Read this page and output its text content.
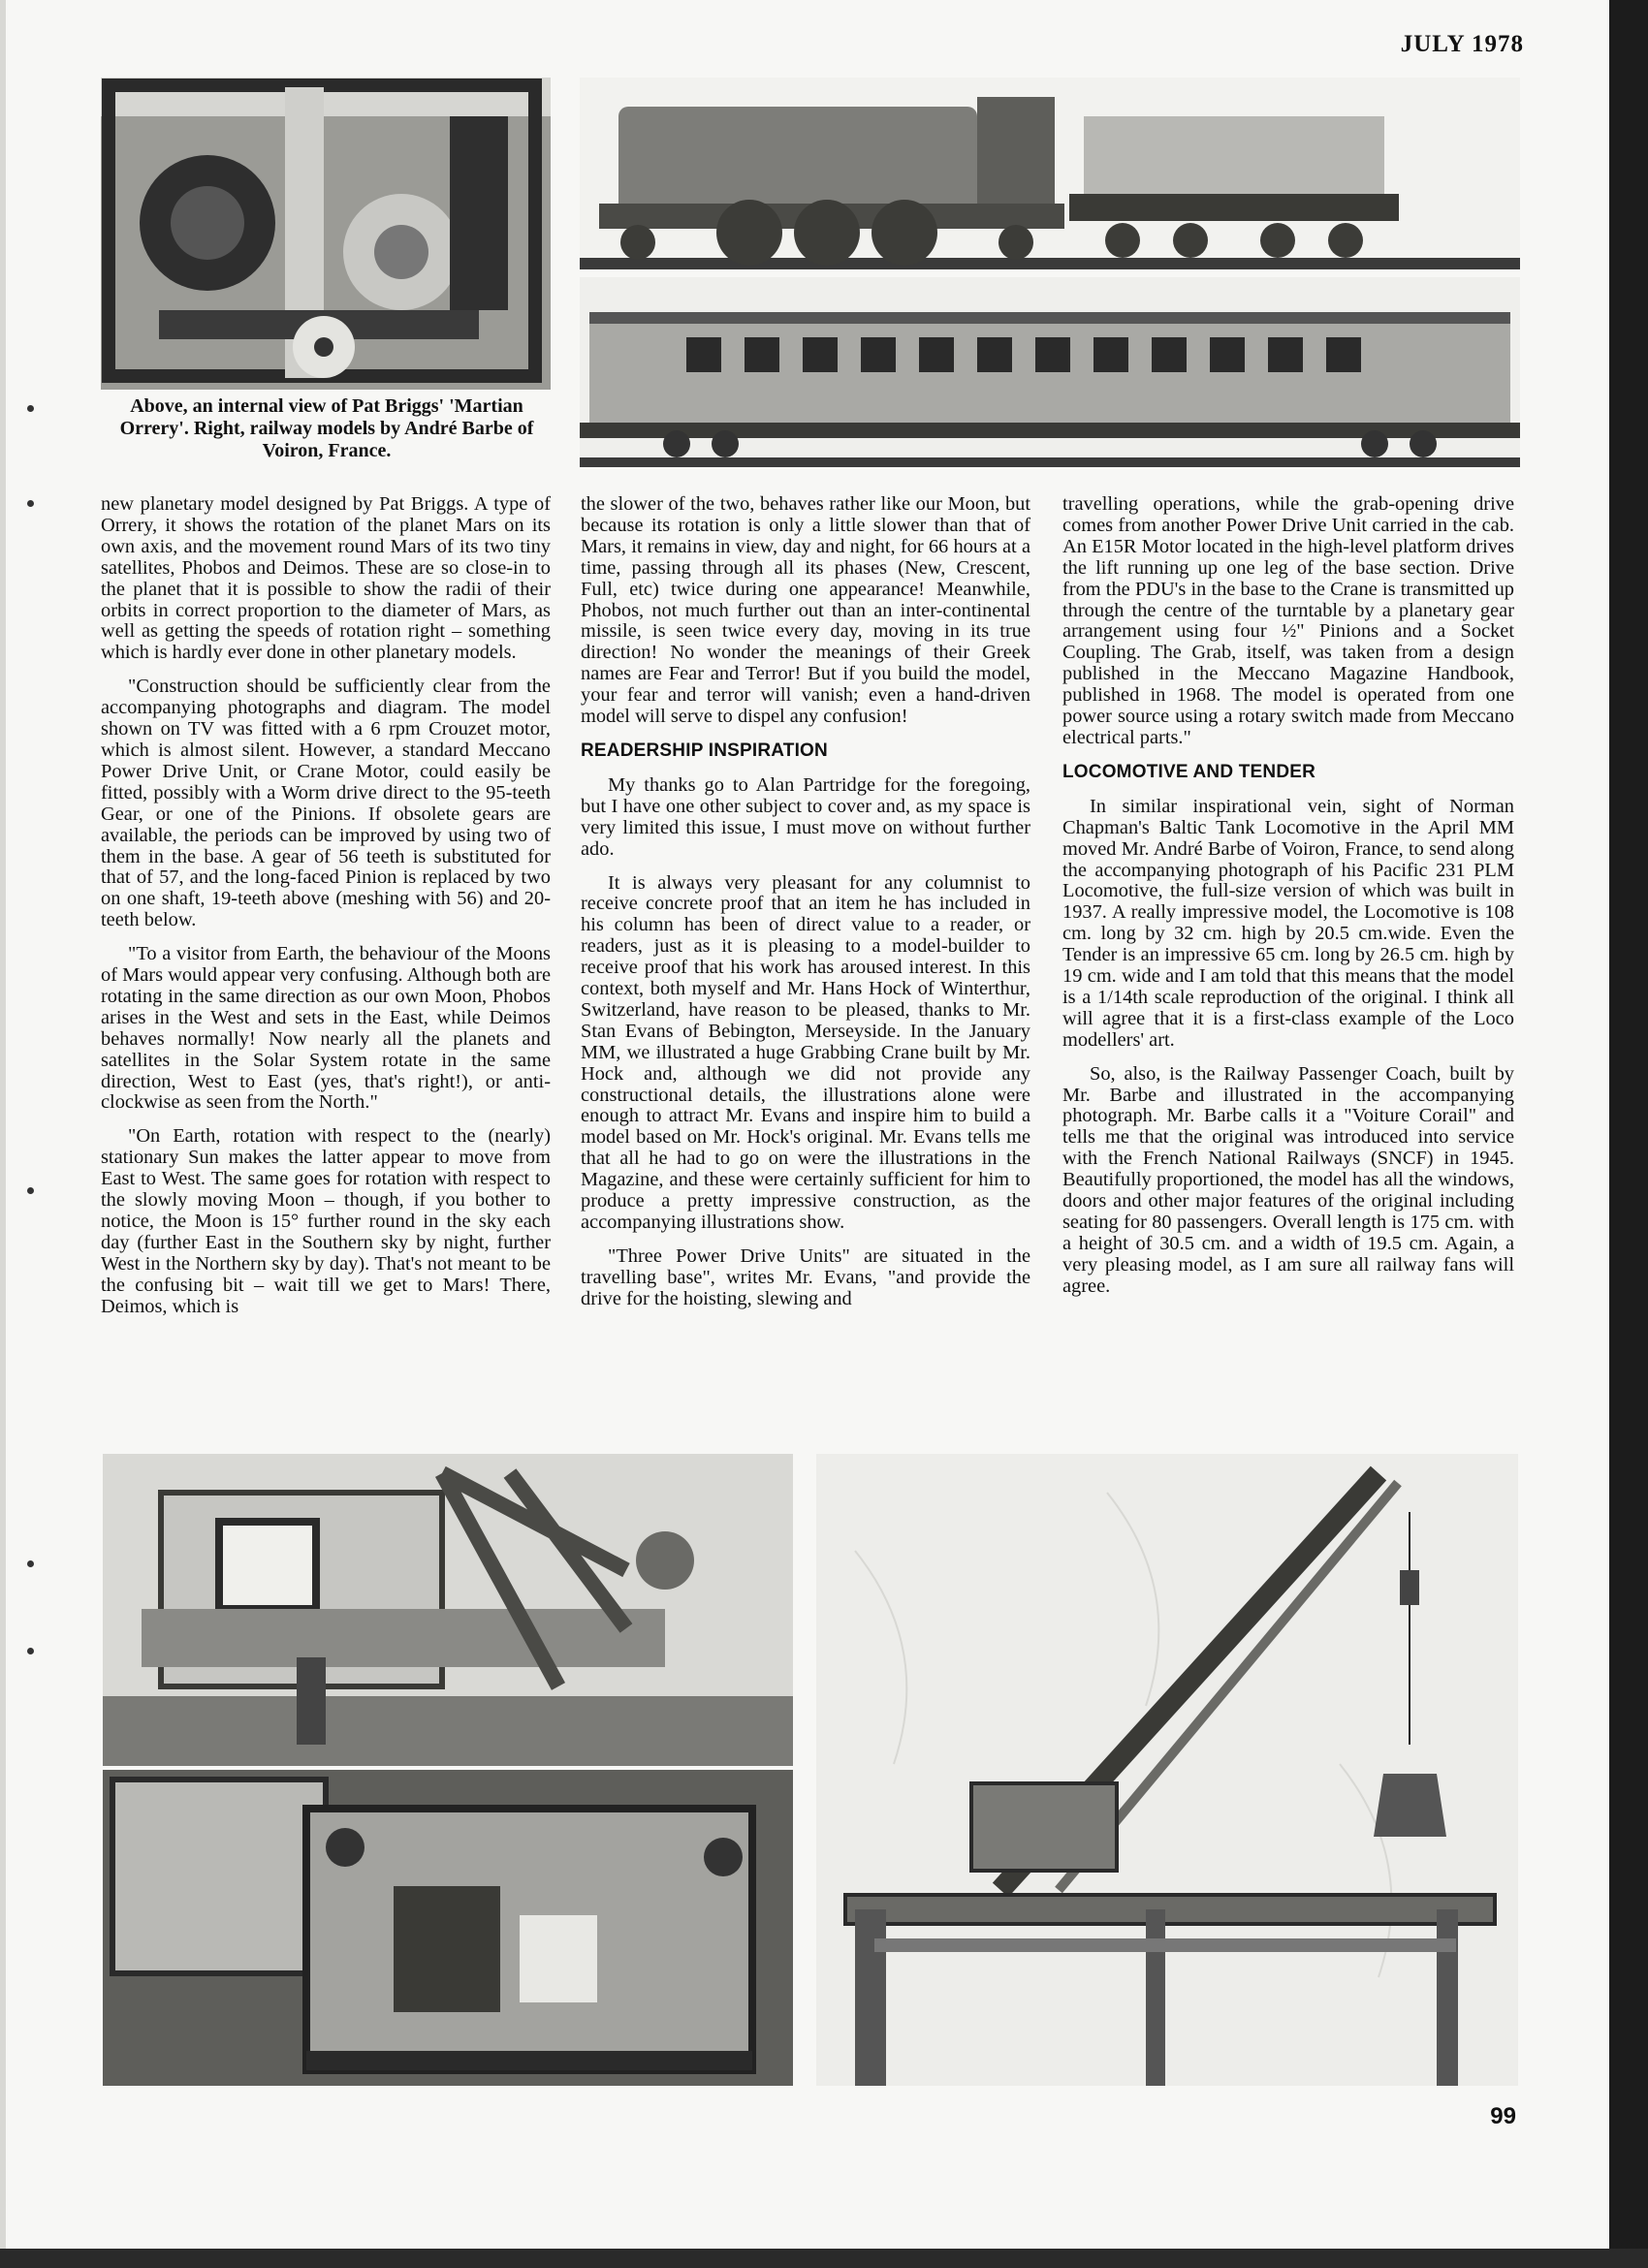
JULY 1978
Above, an internal view of Pat Briggs' 'Martian Orrery'. Right, railway models by André Barbe of Voiron, France.

new planetary model designed by Pat Briggs. A type of Orrery, it shows the rotation of the planet Mars on its own axis, and the movement round Mars of its two tiny satellites, Phobos and Deimos. These are so close-in to the planet that it is possible to show the radii of their orbits in correct proportion to the diameter of Mars, as well as getting the speeds of rotation right – something which is hardly ever done in other planetary models.

"Construction should be sufficiently clear from the accompanying photographs and diagram. The model shown on TV was fitted with a 6 rpm Crouzet motor, which is almost silent. However, a standard Meccano Power Drive Unit, or Crane Motor, could easily be fitted, possibly with a Worm drive direct to the 95-teeth Gear, or one of the Pinions. If obsolete gears are available, the periods can be improved by using two of them in the base. A gear of 56 teeth is substituted for that of 57, and the long-faced Pinion is replaced by two on one shaft, 19-teeth above (meshing with 56) and 20-teeth below.

"To a visitor from Earth, the behaviour of the Moons of Mars would appear very confusing. Although both are rotating in the same direction as our own Moon, Phobos arises in the West and sets in the East, while Deimos behaves normally! Now nearly all the planets and satellites in the Solar System rotate in the same direction, West to East (yes, that's right!), or anti-clockwise as seen from the North."

"On Earth, rotation with respect to the (nearly) stationary Sun makes the latter appear to move from East to West. The same goes for rotation with respect to the slowly moving Moon – though, if you bother to notice, the Moon is 15° further round in the sky each day (further East in the Southern sky by night, further West in the Northern sky by day). That's not meant to be the confusing bit – wait till we get to Mars! There, Deimos, which is

the slower of the two, behaves rather like our Moon, but because its rotation is only a little slower than that of Mars, it remains in view, day and night, for 66 hours at a time, passing through all its phases (New, Crescent, Full, etc) twice during one appearance! Meanwhile, Phobos, not much further out than an inter-continental missile, is seen twice every day, moving in its true direction! No wonder the meanings of their Greek names are Fear and Terror! But if you build the model, your fear and terror will vanish; even a hand-driven model will serve to dispel any confusion!

READERSHIP INSPIRATION

My thanks go to Alan Partridge for the foregoing, but I have one other subject to cover and, as my space is very limited this issue, I must move on without further ado.

It is always very pleasant for any columnist to receive concrete proof that an item he has included in his column has been of direct value to a reader, or readers, just as it is pleasing to a model-builder to receive proof that his work has aroused interest. In this context, both myself and Mr. Hans Hock of Winterthur, Switzerland, have reason to be pleased, thanks to Mr. Stan Evans of Bebington, Merseyside. In the January MM, we illustrated a huge Grabbing Crane built by Mr. Hock and, although we did not provide any constructional details, the illustrations alone were enough to attract Mr. Evans and inspire him to build a model based on Mr. Hock's original. Mr. Evans tells me that all he had to go on were the illustrations in the Magazine, and these were certainly sufficient for him to produce a pretty impressive construction, as the accompanying illustrations show.

"Three Power Drive Units" are situated in the travelling base", writes Mr. Evans, "and provide the drive for the hoisting, slewing and

travelling operations, while the grab-opening drive comes from another Power Drive Unit carried in the cab. An E15R Motor located in the high-level platform drives the lift running up one leg of the base section. Drive from the PDU's in the base to the Crane is transmitted up through the centre of the turntable by a planetary gear arrangement using four ½" Pinions and a Socket Coupling. The Grab, itself, was taken from a design published in the Meccano Magazine Handbook, published in 1968. The model is operated from one power source using a rotary switch made from Meccano electrical parts."

LOCOMOTIVE AND TENDER

In similar inspirational vein, sight of Norman Chapman's Baltic Tank Locomotive in the April MM moved Mr. André Barbe of Voiron, France, to send along the accompanying photograph of his Pacific 231 PLM Locomotive, the full-size version of which was built in 1937. A really impressive model, the Locomotive is 108 cm. long by 32 cm. high by 20.5 cm.wide. Even the Tender is an impressive 65 cm. long by 26.5 cm. high by 19 cm. wide and I am told that this means that the model is a 1/14th scale reproduction of the original. I think all will agree that it is a first-class example of the Loco modellers' art.

So, also, is the Railway Passenger Coach, built by Mr. Barbe and illustrated in the accompanying photograph. Mr. Barbe calls it a "Voiture Corail" and tells me that the original was introduced into service with the French National Railways (SNCF) in 1945. Beautifully proportioned, the model has all the windows, doors and other major features of the original including seating for 80 passengers. Overall length is 175 cm. with a height of 30.5 cm. and a width of 19.5 cm. Again, a very pleasing model, as I am sure all railway fans will agree.

99
